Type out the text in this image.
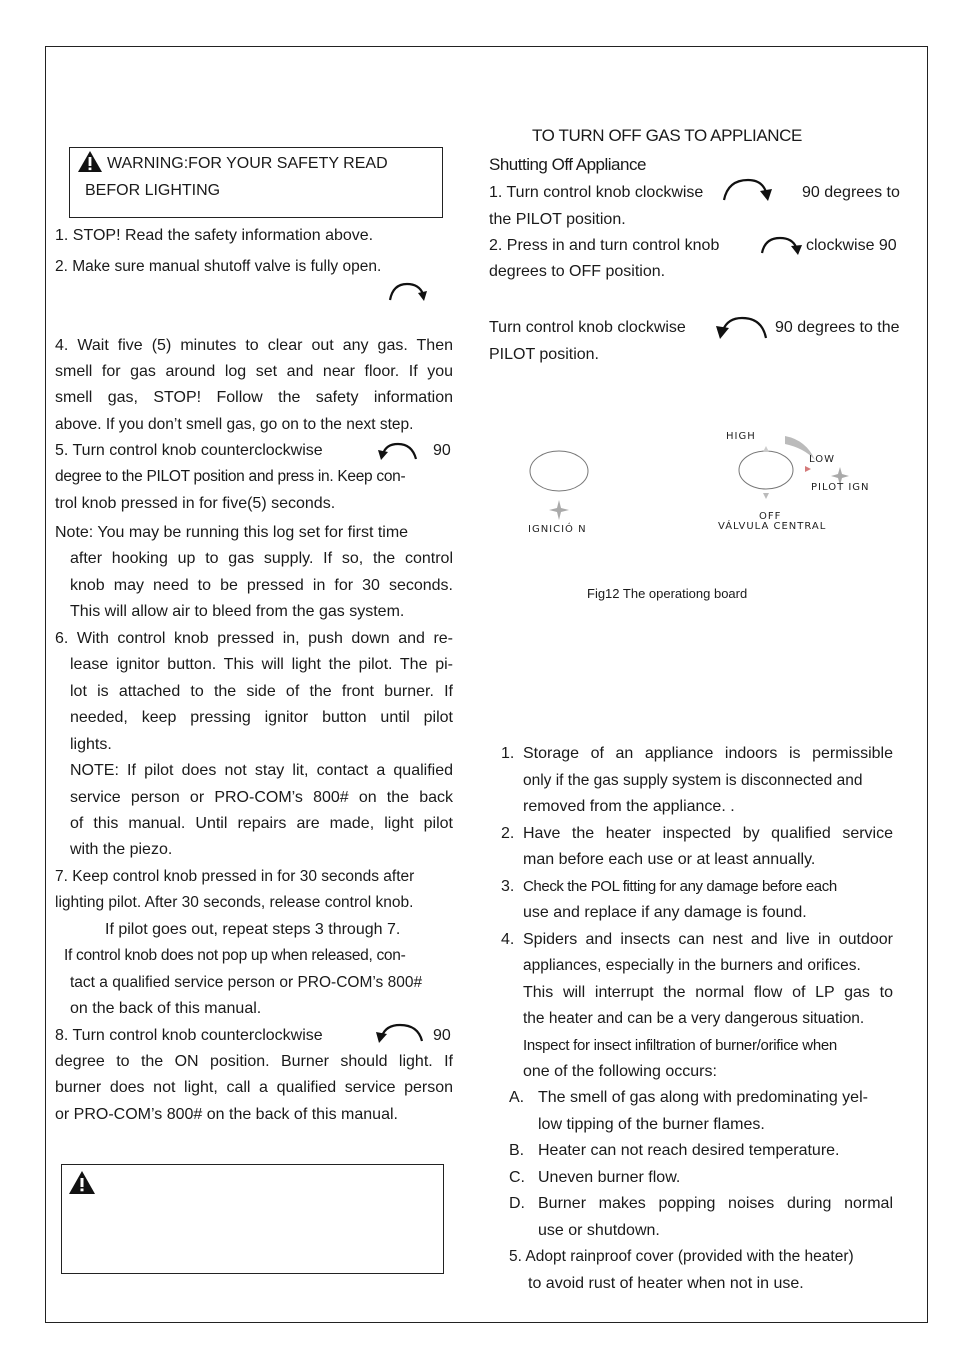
WARNING:FOR YOUR SAFETY READ
BEFOR LIGHTING
1. STOP! Read the safety information above.
2. Make sure manual shutoff valve is fully open.
4. Wait five (5) minutes to clear out any gas. Then
smell for gas around log set and near floor. If you
smell gas, STOP! Follow the safety information
above. If you don’t smell gas, go on to the next step.
5. Turn control knob counterclockwise	90
degree to the PILOT position and press in. Keep con-
trol knob pressed in for five(5) seconds.
Note: You may be running this log set for first time
after hooking up to gas supply. If so, the control
knob may need to be pressed in for 30 seconds.
This will allow air to bleed from the gas system.
6. With control knob pressed in, push down and re-
lease ignitor button. This will light the pilot. The pi-
lot is attached to the side of the front burner. If
needed, keep pressing ignitor button until pilot
lights.
NOTE: If pilot does not stay lit, contact a qualified
service person or PRO-COM’s 800# on the back
of this manual. Until repairs are made, light pilot
with the piezo.
7. Keep control knob pressed in for 30 seconds after
lighting pilot. After 30 seconds, release control knob.
If pilot goes out, repeat steps 3 through 7.
If control knob does not pop up when released, con-
tact a qualified service person or PRO-COM’s 800#
on the back of this manual.
8. Turn control knob counterclockwise	90
degree to the ON position. Burner should light. If
burner does not light, call a qualified service person
or PRO-COM’s 800# on the back of this manual.
TO TURN OFF GAS TO APPLIANCE
Shutting Off Appliance
1. Turn control knob clockwise	90 degrees to
the PILOT position.
2. Press in and turn control knob	clockwise 90
degrees to OFF position.
Turn control knob clockwise	90 degrees to the
PILOT position.
IGNICIÓ N
HIGH
LOW
PILOT IGN
OFF
VÁLVULA CENTRAL
Fig12 The operationg board
1. Storage of an appliance indoors is permissible
only if the gas supply system is disconnected and
removed from the appliance. .
2. Have the heater inspected by qualified service
man before each use or at least annually.
3. Check the POL fitting for any damage before each
use and replace if any damage is found.
4. Spiders and insects can nest and live in outdoor
appliances, especially in the burners and orifices.
This will interrupt the normal flow of LP gas to
the heater and can be a very dangerous situation.
Inspect for insect infiltration of burner/orifice when
one of the following occurs:
A. The smell of gas along with predominating yel-
low tipping of the burner flames.
B. Heater can not reach desired temperature.
C. Uneven burner flow.
D. Burner makes popping noises during normal
use or shutdown.
5. Adopt rainproof cover (provided with the heater)
to avoid rust of heater when not in use.
